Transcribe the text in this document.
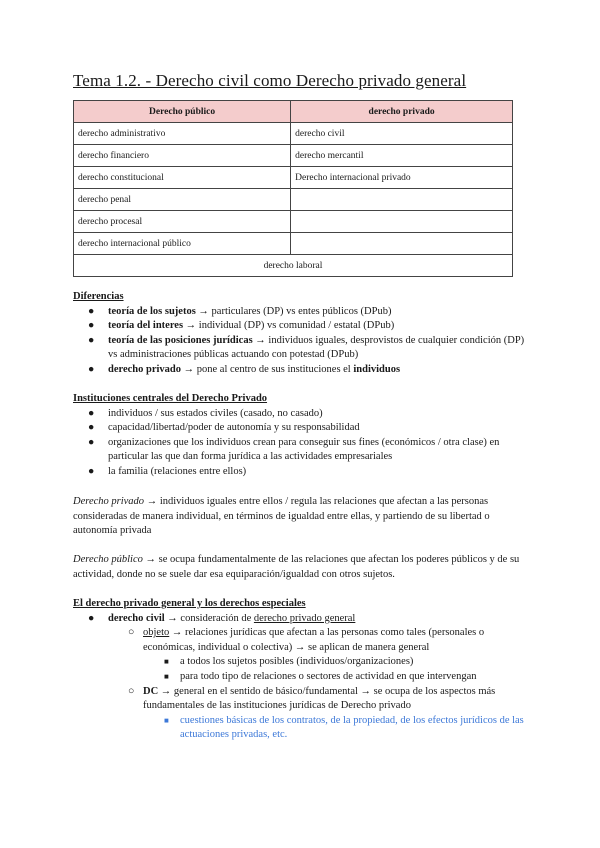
Tema 1.2. - Derecho civil como Derecho privado general
Derecho público	derecho privado
derecho administrativo	derecho civil
derecho financiero	derecho mercantil
derecho constitucional	Derecho internacional privado
derecho penal	
derecho procesal	
derecho internacional público	
derecho laboral	
Diferencias
● teoría de los sujetos → particulares (DP) vs entes públicos (DPub)
● teoría del interes → individual (DP) vs comunidad / estatal (DPub)
● teoría de las posiciones jurídicas → individuos iguales, desprovistos de cualquier condición (DP) vs administraciones públicas actuando con potestad (DPub)
● derecho privado → pone al centro de sus instituciones el individuos
Instituciones centrales del Derecho Privado
● individuos / sus estados civiles (casado, no casado)
● capacidad/libertad/poder de autonomía y su responsabilidad
● organizaciones que los individuos crean para conseguir sus fines (económicos / otra clase) en particular las que dan forma jurídica a las actividades empresariales
● la familia (relaciones entre ellos)

Derecho privado → individuos iguales entre ellos / regula las relaciones que afectan a las personas consideradas de manera individual, en términos de igualdad entre ellas, y partiendo de su libertad o autonomía privada

Derecho público → se ocupa fundamentalmente de las relaciones que afectan los poderes públicos y de su actividad, donde no se suele dar esa equiparación/igualdad con otros sujetos.

El derecho privado general y los derechos especiales
● derecho civil → consideración de derecho privado general
○ objeto → relaciones jurídicas que afectan a las personas como tales (personales o económicas, individual o colectiva) → se aplican de manera general
■ a todos los sujetos posibles (individuos/organizaciones)
■ para todo tipo de relaciones o sectores de actividad en que intervengan
○ DC → general en el sentido de básico/fundamental → se ocupa de los aspectos más fundamentales de las instituciones jurídicas de Derecho privado
■ cuestiones básicas de los contratos, de la propiedad, de los efectos jurídicos de las actuaciones privadas, etc.
